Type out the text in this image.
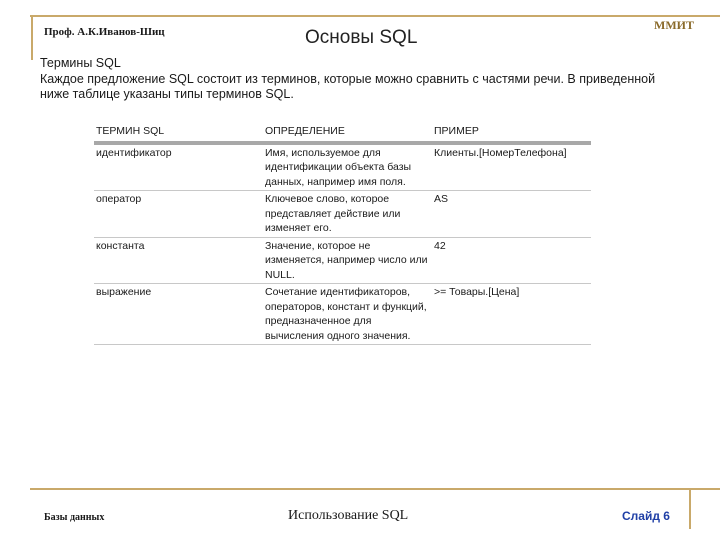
Проф. А.К.Иванов-Шиц	Основы SQL
ММИТ
Термины SQL
Каждое предложение SQL состоит из терминов, которые можно сравнить с частями речи. В приведенной ниже таблице указаны типы терминов SQL.
ТЕРМИН SQL	ОПРЕДЕЛЕНИЕ	ПРИМЕР
идентификатор	Имя, используемое для идентификации объекта базы данных, например имя поля.	Клиенты.[НомерТелефона]
оператор	Ключевое слово, которое представляет действие или изменяет его.	AS
константа	Значение, которое не изменяется, например число или NULL.	42
выражение	Сочетание идентификаторов, операторов, констант и функций, предназначенное для вычисления одного значения.	>= Товары.[Цена]
Базы данных	Использование SQL	Слайд 6
